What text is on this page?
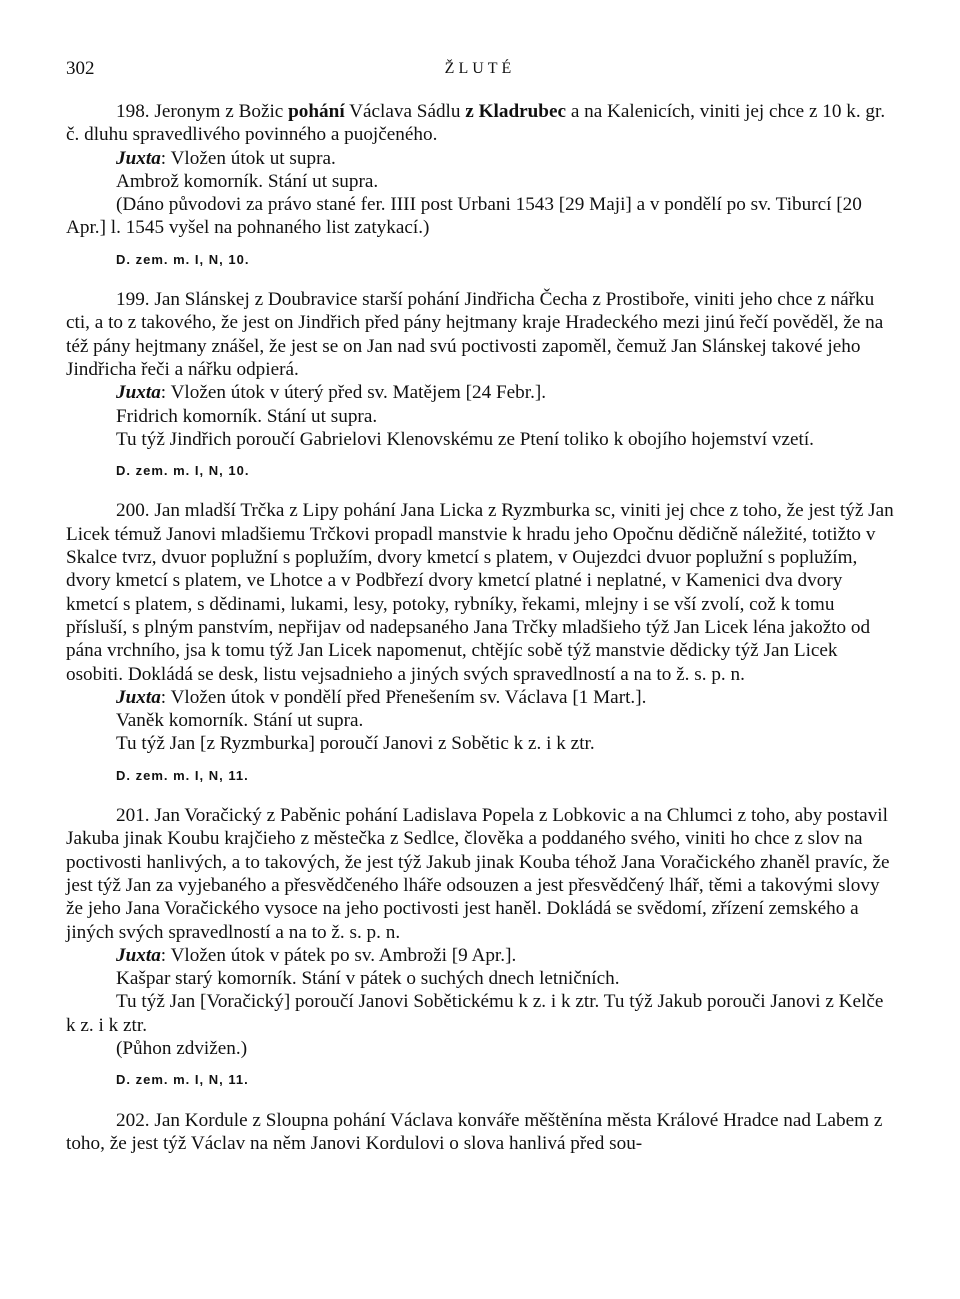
302	ŽLUTÉ

198. Jeronym z Božic pohání Václava Sádlu z Kladrubec a na Kalenicích, viniti jej chce z 10 k. gr. č. dluhu spravedlivého povinného a puojčeného.

Juxta: Vložen útok ut supra.

Ambrož komorník. Stání ut supra.

(Dáno původovi za právo stané fer. IIII post Urbani 1543 [29 Maji] a v pondělí po sv. Tiburcí [20 Apr.] l. 1545 vyšel na pohnaného list zatykací.)

D. zem. m. I, N, 10.

199. Jan Slánskej z Doubravice starší pohání Jindřicha Čecha z Prostiboře, viniti jeho chce z nářku cti, a to z takového, že jest on Jindřich před pány hejtmany kraje Hradeckého mezi jinú řečí pověděl, že na též pány hejtmany znášel, že jest se on Jan nad svú poctivosti zapoměl, čemuž Jan Slánskej takové jeho Jindřicha řeči a nářku odpierá.

Juxta: Vložen útok v úterý před sv. Matějem [24 Febr.].

Fridrich komorník. Stání ut supra.

Tu týž Jindřich poroučí Gabrielovi Klenovskému ze Ptení toliko k obojího hojemství vzetí.

D. zem. m. I, N, 10.

200. Jan mladší Trčka z Lipy pohání Jana Licka z Ryzmburka sc, viniti jej chce z toho, že jest týž Jan Licek témuž Janovi mladšiemu Trčkovi propadl manstvie k hradu jeho Opočnu dědičně náležité, totižto v Skalce tvrz, dvuor poplužní s poplužím, dvory kmetcí s platem, v Oujezdci dvuor poplužní s poplužím, dvory kmetcí s platem, ve Lhotce a v Podbřezí dvory kmetcí platné i neplatné, v Kamenici dva dvory kmetcí s platem, s dědinami, lukami, lesy, potoky, rybníky, řekami, mlejny i se vší zvolí, což k tomu přísluší, s plným panstvím, nepřijav od nadepsaného Jana Trčky mladšieho týž Jan Licek léna jakožto od pána vrchního, jsa k tomu týž Jan Licek napomenut, chtějíc sobě týž manstvie dědicky týž Jan Licek osobiti. Dokládá se desk, listu vejsadnieho a jiných svých spravedlností a na to ž. s. p. n.

Juxta: Vložen útok v pondělí před Přenešením sv. Václava [1 Mart.].

Vaněk komorník. Stání ut supra.

Tu týž Jan [z Ryzmburka] poroučí Janovi z Sobětic k z. i k ztr.

D. zem. m. I, N, 11.

201. Jan Voračický z Paběnic pohání Ladislava Popela z Lobkovic a na Chlumci z toho, aby postavil Jakuba jinak Koubu krajčieho z městečka z Sedlce, člověka a poddaného svého, viniti ho chce z slov na poctivosti hanlivých, a to takových, že jest týž Jakub jinak Kouba téhož Jana Voračického zhaněl pravíc, že jest týž Jan za vyjebaného a přesvědčeného lháře odsouzen a jest přesvědčený lhář, těmi a takovými slovy že jeho Jana Voračického vysoce na jeho poctivosti jest haněl. Dokládá se svědomí, zřízení zemského a jiných svých spravedlností a na to ž. s. p. n.

Juxta: Vložen útok v pátek po sv. Ambroži [9 Apr.].

Kašpar starý komorník. Stání v pátek o suchých dnech letničních.

Tu týž Jan [Voračický] poroučí Janovi Sobětickému k z. i k ztr. Tu týž Jakub porouči Janovi z Kelče k z. i k ztr.

(Půhon zdvižen.)

D. zem. m. I, N, 11.

202. Jan Kordule z Sloupna pohání Václava konváře měštěnína města Králové Hradce nad Labem z toho, že jest týž Václav na něm Janovi Kordulovi o slova hanlivá před sou-
